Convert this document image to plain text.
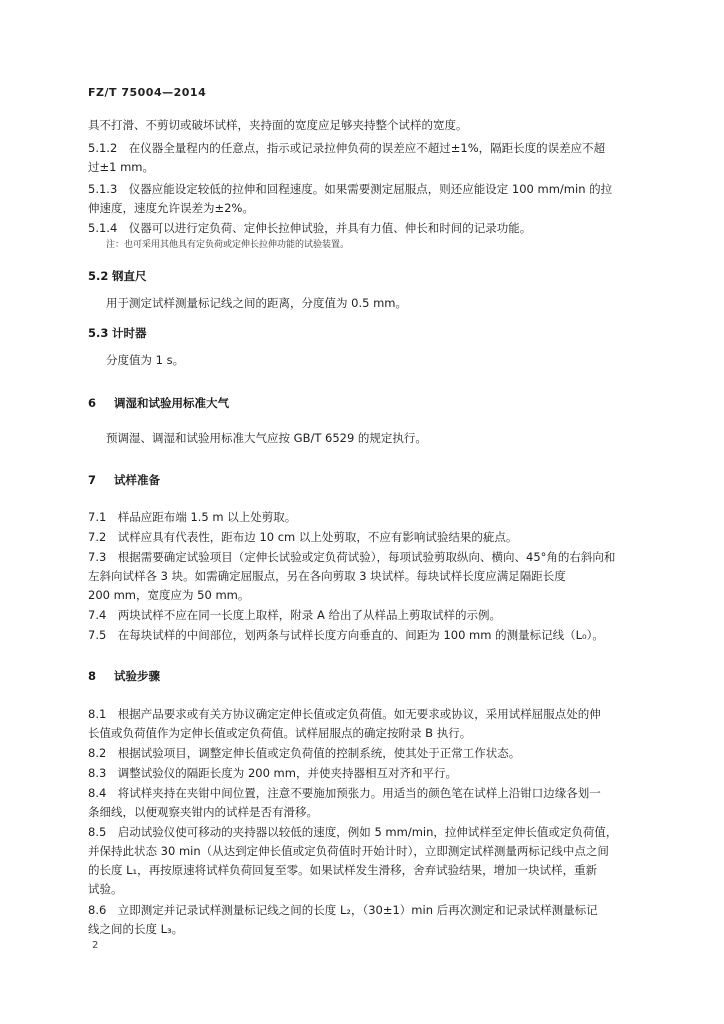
FZ/T 75004—2014
具不打滑、不剪切或破坏试样，夹持面的宽度应足够夹持整个试样的宽度。
5.1.2　在仪器全量程内的任意点，指示或记录拉伸负荷的误差应不超过±1%，隔距长度的误差应不超
过±1 mm。
5.1.3　仪器应能设定较低的拉伸和回程速度。如果需要测定屈服点，则还应能设定 100 mm/min 的拉
伸速度，速度允许误差为±2%。
5.1.4　仪器可以进行定负荷、定伸长拉伸试验，并具有力值、伸长和时间的记录功能。
注：也可采用其他具有定负荷或定伸长拉伸功能的试验装置。
5.2 钢直尺
用于测定试样测量标记线之间的距离，分度值为 0.5 mm。
5.3 计时器
分度值为 1 s。
6 调湿和试验用标准大气
预调湿、调湿和试验用标准大气应按 GB/T 6529 的规定执行。
7 试样准备
7.1　样品应距布端 1.5 m 以上处剪取。
7.2　试样应具有代表性，距布边 10 cm 以上处剪取，不应有影响试验结果的疵点。
7.3　根据需要确定试验项目（定伸长试验或定负荷试验），每项试验剪取纵向、横向、45°角的右斜向和
左斜向试样各 3 块。如需确定屈服点，另在各向剪取 3 块试样。每块试样长度应满足隔距长度
200 mm，宽度应为 50 mm。
7.4　两块试样不应在同一长度上取样，附录 A 给出了从样品上剪取试样的示例。
7.5　在每块试样的中间部位，划两条与试样长度方向垂直的、间距为 100 mm 的测量标记线（L₀）。
8 试验步骤
8.1　根据产品要求或有关方协议确定定伸长值或定负荷值。如无要求或协议，采用试样屈服点处的伸
长值或负荷值作为定伸长值或定负荷值。试样屈服点的确定按附录 B 执行。
8.2　根据试验项目，调整定伸长值或定负荷值的控制系统，使其处于正常工作状态。
8.3　调整试验仪的隔距长度为 200 mm，并使夹持器相互对齐和平行。
8.4　将试样夹持在夹钳中间位置，注意不要施加预张力。用适当的颜色笔在试样上沿钳口边缘各划一
条细线，以便观察夹钳内的试样是否有滑移。
8.5　启动试验仪使可移动的夹持器以较低的速度，例如 5 mm/min，拉伸试样至定伸长值或定负荷值，
并保持此状态 30 min（从达到定伸长值或定负荷值时开始计时），立即测定试样测量两标记线中点之间
的长度 L₁，再按原速将试样负荷回复至零。如果试样发生滑移，舍弃试验结果，增加一块试样，重新
试验。
8.6　立即测定并记录试样测量标记线之间的长度 L₂，（30±1）min 后再次测定和记录试样测量标记
线之间的长度 L₃。
2
